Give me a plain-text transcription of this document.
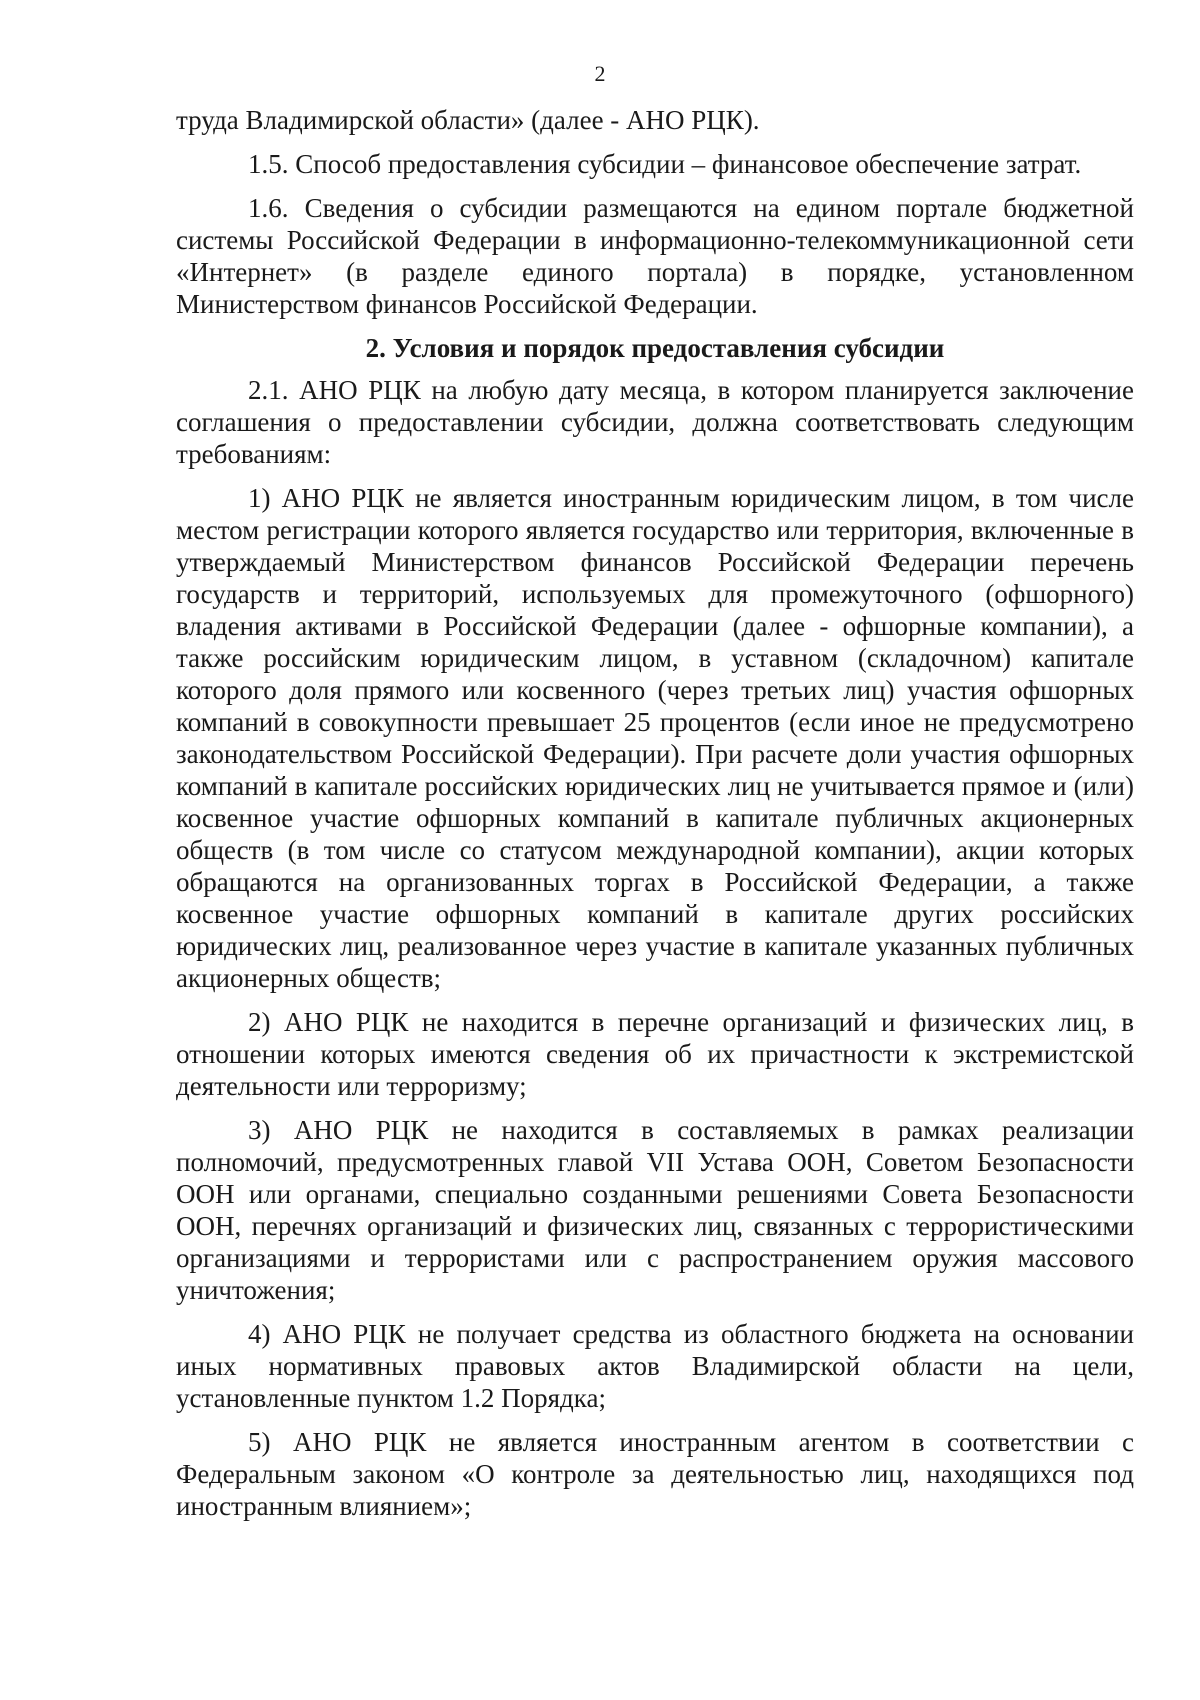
2

труда Владимирской области» (далее - АНО РЦК).

1.5. Способ предоставления субсидии – финансовое обеспечение затрат.

1.6. Сведения о субсидии размещаются на едином портале бюджетной системы Российской Федерации в информационно-телекоммуникационной сети «Интернет» (в разделе единого портала) в порядке, установленном Министерством финансов Российской Федерации.

2. Условия и порядок предоставления субсидии

2.1. АНО РЦК на любую дату месяца, в котором планируется заключение соглашения о предоставлении субсидии, должна соответствовать следующим требованиям:

1) АНО РЦК не является иностранным юридическим лицом, в том числе местом регистрации которого является государство или территория, включенные в утверждаемый Министерством финансов Российской Федерации перечень государств и территорий, используемых для промежуточного (офшорного) владения активами в Российской Федерации (далее - офшорные компании), а также российским юридическим лицом, в уставном (складочном) капитале которого доля прямого или косвенного (через третьих лиц) участия офшорных компаний в совокупности превышает 25 процентов (если иное не предусмотрено законодательством Российской Федерации). При расчете доли участия офшорных компаний в капитале российских юридических лиц не учитывается прямое и (или) косвенное участие офшорных компаний в капитале публичных акционерных обществ (в том числе со статусом международной компании), акции которых обращаются на организованных торгах в Российской Федерации, а также косвенное участие офшорных компаний в капитале других российских юридических лиц, реализованное через участие в капитале указанных публичных акционерных обществ;

2) АНО РЦК не находится в перечне организаций и физических лиц, в отношении которых имеются сведения об их причастности к экстремистской деятельности или терроризму;

3) АНО РЦК не находится в составляемых в рамках реализации полномочий, предусмотренных главой VII Устава ООН, Советом Безопасности ООН или органами, специально созданными решениями Совета Безопасности ООН, перечнях организаций и физических лиц, связанных с террористическими организациями и террористами или с распространением оружия массового уничтожения;

4) АНО РЦК не получает средства из областного бюджета на основании иных нормативных правовых актов Владимирской области на цели, установленные пунктом 1.2 Порядка;

5) АНО РЦК не является иностранным агентом в соответствии с Федеральным законом «О контроле за деятельностью лиц, находящихся под иностранным влиянием»;
